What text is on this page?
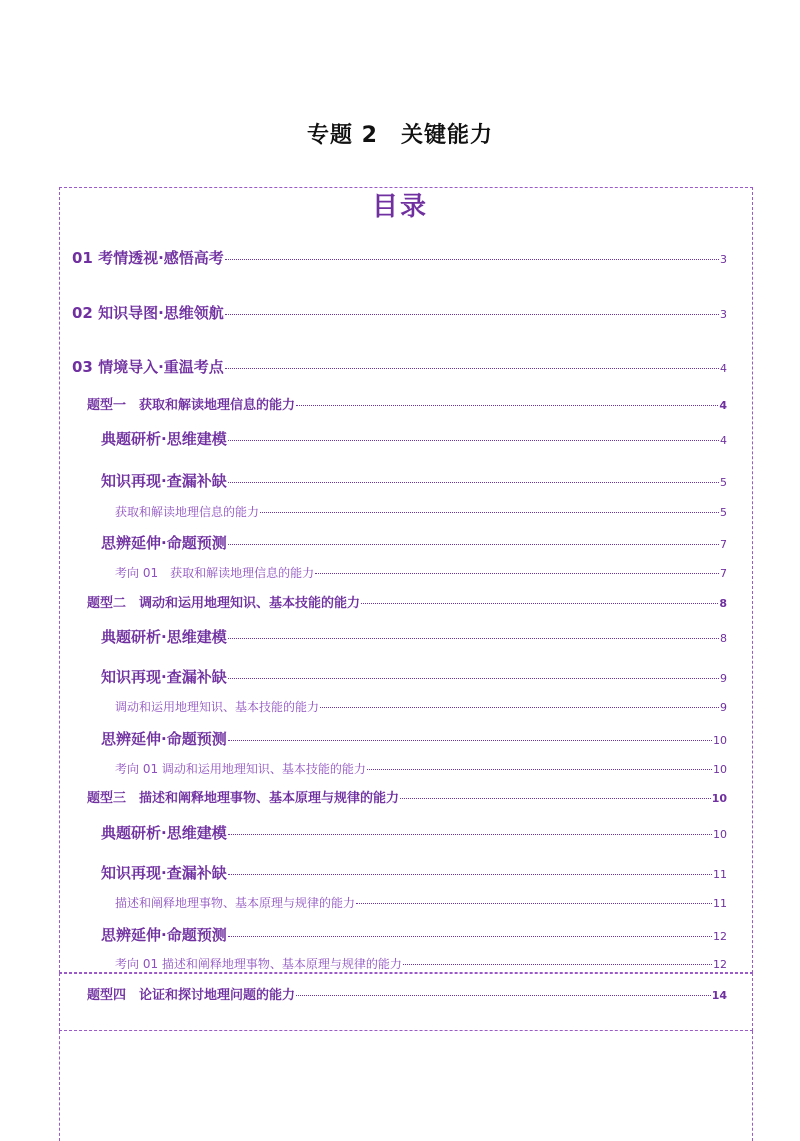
专题 2　关键能力
目录
01 考情透视·感悟高考	3
02 知识导图·思维领航	3
03 情境导入·重温考点	4
题型一　获取和解读地理信息的能力	4
典题研析·思维建模	4
知识再现·查漏补缺	5
获取和解读地理信息的能力	5
思辨延伸·命题预测	7
考向 01　获取和解读地理信息的能力	7
题型二　调动和运用地理知识、基本技能的能力	8
典题研析·思维建模	8
知识再现·查漏补缺	9
调动和运用地理知识、基本技能的能力	9
思辨延伸·命题预测	10
考向 01 调动和运用地理知识、基本技能的能力	10
题型三　描述和阐释地理事物、基本原理与规律的能力	10
典题研析·思维建模	10
知识再现·查漏补缺	11
描述和阐释地理事物、基本原理与规律的能力	11
思辨延伸·命题预测	12
考向 01 描述和阐释地理事物、基本原理与规律的能力	12
题型四　论证和探讨地理问题的能力	14
